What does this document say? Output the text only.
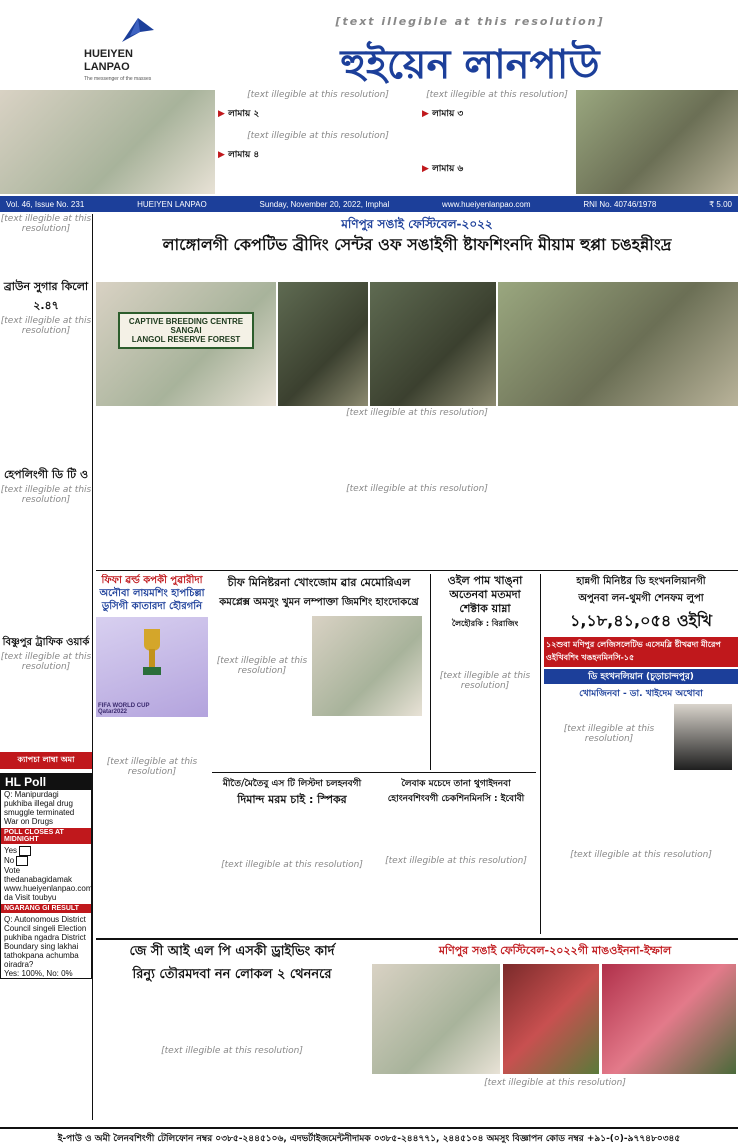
HUEIYEN
LANPAO
The messenger of the masses
[text illegible at this resolution]
হুইয়েন লানপাউ
[text illegible at this resolution]
▶ লামায় ২
[text illegible at this resolution]
▶ লামায় ৪
[text illegible at this resolution]
▶ লামায় ৩
▶ লামায় ৬
Vol. 46, Issue No. 231	HUEIYEN LANPAO	Sunday, November 20, 2022, Imphal	www.hueiyenlanpao.com	RNI No. 40746/1978	₹ 5.00
[text illegible at this resolution]
ব্রাউন সুগার কিলো ২.৪৭
[text illegible at this resolution]
হেপলিংগী ডি টি ও
[text illegible at this resolution]
বিষ্ণুপুর ট্রাফিক ওয়ার্ক
[text illegible at this resolution]
ক্যাপচা লাম্বা অমা
HL Poll
Q: Manipurdagi pukhiba illegal drug smuggle terminated War on Drugs
POLL CLOSES AT MIDNIGHT
Yes
No
Vote thedanabagidamak www.hueiyenlanpao.com da Visit toubyu
NGARANG GI RESULT
Q: Autonomous District Council singeli Election pukhiba ngadra District Boundary sing lakhai tathokpana achumba oiradra?
Yes: 100%, No: 0%
মণিপুর সঙাই ফেস্টিবেল-২০২২
লাঙ্গোলগী কেপটিভ ব্রীদিং সেন্টর ওফ সঙাইগী ষ্টাফশিংনদি মীয়াম হুপ্পা চঙহন্নীংদ্র
CAPTIVE BREEDING CENTRE
SANGAI
LANGOL RESERVE FOREST
[text illegible at this resolution]
[text illegible at this resolution]
ফিফা ৱর্ল্ড কপকী পুৱারীদা
অনৌবা লায়মশিং হাপচিল্লা
ডুসিগী কাতারদা হৌরগনি
FIFA WORLD CUP Qatar2022
[text illegible at this resolution]
চীফ মিনিষ্টরনা খোংজোম ৱার মেমোরিএল
কমপ্লেক্স অমসুং খুমন লম্পাক্তা জিমশিং হাংদোকখ্রে
[text illegible at this resolution]
ওইল পাম খাঙ্না
অতেনবা মতমদা
শেক্টাক য়াম্না
লৈহৌরকি : বিরাজিং
[text illegible at this resolution]
হান্নগী মিনিষ্টর ডি হংখনলিয়ানগী
অপুনবা লন-থুমগী শেনফম লুপা
১,১৮,৪১,০৫৪ ওইখি
১২শুবা মণিপুর লেজিসলেটিভ এসেমব্লি ষ্টীখৱদা মীরেপ ওইখিবশিং খঙহনমিনসি-১৫
ডি হংখনলিয়ান (চুড়াচান্দপুর)
খোমজিনবা - ডা. খাইদেম অথোবা
[text illegible at this resolution]
[text illegible at this resolution]
মীতৈ/মৈতৈবু এস টি লিস্টদা চলহনবগী
দিমান্দ মরম চাই : স্পিকর
[text illegible at this resolution]
লৈবাক মচেদে তানা থুগাইদনবা
হোংনবশিংবগী চেকশিনমিনসি : ইবোবী
[text illegible at this resolution]
জে সী আই এল পি এসকী ড্রাইভিং কার্দ
রিন্যু তৌরমদবা নন লোকল ২ থেননরে
[text illegible at this resolution]
মণিপুর সঙাই ফেস্টিবেল-২০২২গী মাঙওইননা-ইম্ফাল
[text illegible at this resolution]
ই-পাউ ও অমী লৈনবশিংগী টেলিফোন নম্বর ০৩৮৫-২৪৪৫১০৬, এদভর্টাইজমেন্টনীদামক ০৩৮৫-২৪৪৭৭১, ২৪৪৫১০৪ অমসুং বিজ্ঞাপন কোড নম্বর +৯১-(০)-৯৭৭৪৮০৩৪৫
